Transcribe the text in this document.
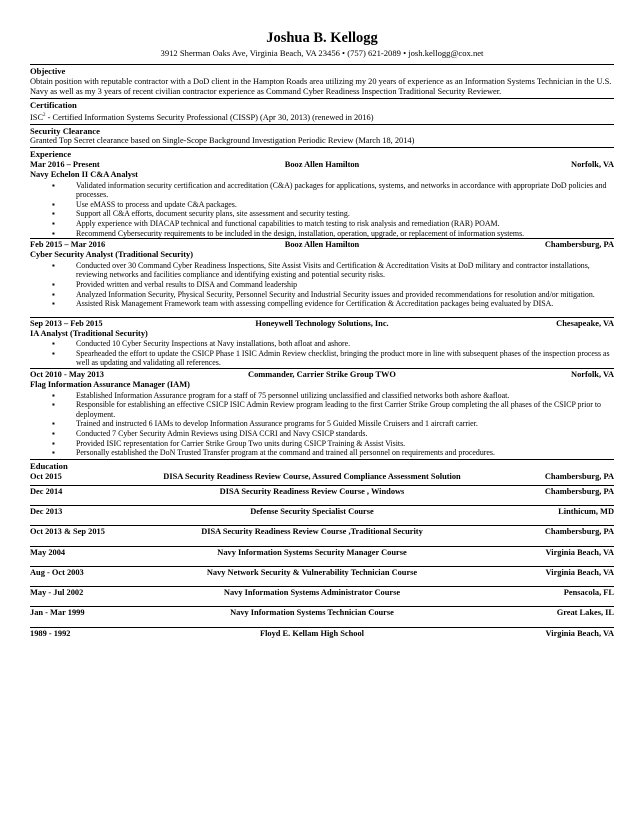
Joshua B. Kellogg
3912 Sherman Oaks Ave, Virginia Beach, VA 23456 • (757) 621-2089 • josh.kellogg@cox.net
Objective
Obtain position with reputable contractor with a DoD client in the Hampton Roads area utilizing my 20 years of experience as an Information Systems Technician in the U.S. Navy as well as my 3 years of recent civilian contractor experience as Command Cyber Readiness Inspection Traditional Security Reviewer.
Certification
ISC$^2$ - Certified Information Systems Security Professional (CISSP) (Apr 30, 2013) (renewed in 2016)
Security Clearance
Granted Top Secret clearance based on Single-Scope Background Investigation Periodic Review (March 18, 2014)
Experience
Mar 2016 – Present	Booz Allen Hamilton	Norfolk, VA
Navy Echelon II C&A Analyst
▪ Validated information security certification and accreditation (C&A) packages for applications, systems, and networks in accordance with appropriate DoD policies and processes.
▪ Use eMASS to process and update C&A packages.
▪ Support all C&A efforts, document security plans, site assessment and security testing.
▪ Apply experience with DIACAP technical and functional capabilities to match testing to risk analysis and remediation (RAR) POAM.
▪ Recommend Cybersecurity requirements to be included in the design, installation, operation, upgrade, or replacement of information systems.
Feb 2015 – Mar 2016	Booz Allen Hamilton	Chambersburg, PA
Cyber Security Analyst (Traditional Security)
▪ Conducted over 30 Command Cyber Readiness Inspections, Site Assist Visits and Certification & Accreditation Visits at DoD military and contractor installations, reviewing networks and facilities compliance and identifying existing and potential security risks.
▪ Provided written and verbal results to DISA and Command leadership
▪ Analyzed Information Security, Physical Security, Personnel Security and Industrial Security issues and provided recommendations for resolution and/or mitigation.
▪ Assisted Risk Management Framework team with assessing compelling evidence for Certification & Accreditation packages being evaluated by DISA.
Sep 2013 – Feb 2015	Honeywell Technology Solutions, Inc.	Chesapeake, VA
IA Analyst (Traditional Security)
▪ Conducted 10 Cyber Security Inspections at Navy installations, both afloat and ashore.
▪ Spearheaded the effort to update the CSICP Phase 1 ISIC Admin Review checklist, bringing the product more in line with subsequent phases of the inspection process as well as updating and validating all references.
Oct 2010 - May 2013	Commander, Carrier Strike Group TWO	Norfolk, VA
Flag Information Assurance Manager (IAM)
▪ Established Information Assurance program for a staff of 75 personnel utilizing unclassified and classified networks both ashore &afloat.
▪ Responsible for establishing an effective CSICP ISIC Admin Review program leading to the first Carrier Strike Group completing the all phases of the CSICP prior to deployment.
▪ Trained and instructed 6 IAMs to develop Information Assurance programs for 5 Guided Missile Cruisers and 1 aircraft carrier.
▪ Conducted 7 Cyber Security Admin Reviews using DISA CCRI and Navy CSICP standards.
▪ Provided ISIC representation for Carrier Strike Group Two units during CSICP Training & Assist Visits.
▪ Personally established the DoN Trusted Transfer program at the command and trained all personnel on requirements and procedures.
Education
Oct 2015	DISA Security Readiness Review Course, Assured Compliance Assessment Solution	Chambersburg, PA
Dec 2014	DISA Security Readiness Review Course , Windows	Chambersburg, PA
Dec 2013	Defense Security Specialist Course	Linthicum, MD
Oct 2013 & Sep 2015	DISA Security Readiness Review Course ,Traditional Security	Chambersburg, PA
May 2004	Navy Information Systems Security Manager Course	Virginia Beach, VA
Aug - Oct 2003	Navy Network Security & Vulnerability Technician Course	Virginia Beach, VA
May - Jul 2002	Navy Information Systems Administrator Course	Pensacola, FL
Jan - Mar 1999	Navy Information Systems Technician Course	Great Lakes, IL
1989 - 1992	Floyd E. Kellam High School	Virginia Beach, VA
